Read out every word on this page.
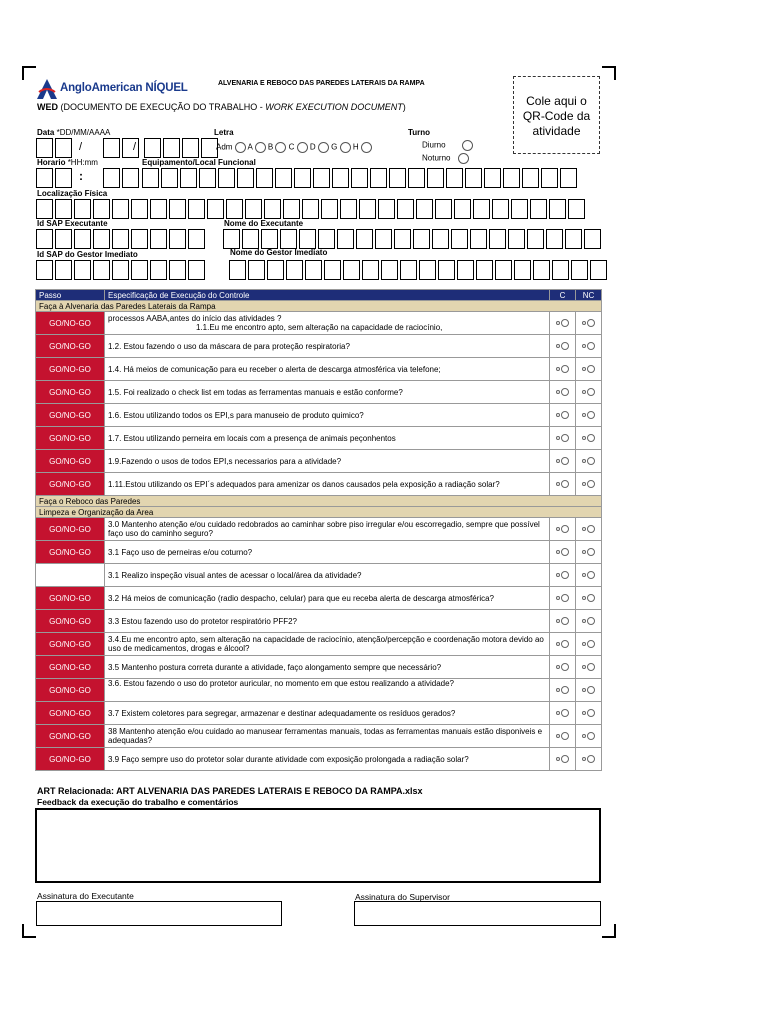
AngloAmerican NÍQUEL	ALVENARIA E REBOCO DAS PAREDES LATERAIS DA RAMPA
WED (DOCUMENTO DE EXECUÇÃO DO TRABALHO - WORK EXECUTION DOCUMENT)	Cole aqui o QR-Code da atividade
Data *DD/MM/AAAA
/	/
Letra
Adm A B C D G H
Turno
Diurno
Noturno
Horario *HH:mm
:
Equipamento/Local Funcional
Localização Física
Id SAP Executante	Nome do Executante
Id SAP do Gestor Imediato	Nome do Gestor Imediato
Passo	Especificação de Execução do Controle	C	NC
Faça à Alvenaria das Paredes Laterais da Rampa			
GO/NO-GO	processos AABA,antes do início das atividades ?
1.1.Eu me encontro apto, sem alteração na capacidade de raciocínio,		

GO/NO-GO	1.2. Estou fazendo o uso da máscara de para proteção respiratoria?		
GO/NO-GO	1.4. Há meios de comunicação para eu receber o alerta de descarga atmosférica via telefone;		
GO/NO-GO	1.5. Foi realizado o check list em todas as ferramentas manuais e estão conforme?		
GO/NO-GO	1.6. Estou utilizando todos os EPI,s para manuseio de produto quimico?		
GO/NO-GO	1.7. Estou utilizando perneira em locais com a presença de animais peçonhentos		
GO/NO-GO	1.9.Fazendo o usos de todos EPI,s necessarios para a atividade?		
GO/NO-GO	1.11.Estou utilizando os EPI´s adequados para amenizar os danos causados pela exposição a radiação solar?		
Faça o Reboco das Paredes			
Limpeza e Organização da Area			
GO/NO-GO	3.0 Mantenho atenção e/ou cuidado redobrados ao caminhar sobre piso irregular e/ou escorregadio, sempre que possível faço uso do caminho seguro?		
GO/NO-GO	3.1 Faço uso de perneiras e/ou coturno?		
	3.1 Realizo inspeção visual antes de acessar o local/área da atividade?		
GO/NO-GO	3.2 Há meios de comunicação (radio despacho, celular) para que eu receba alerta de descarga atmosférica?		
GO/NO-GO	3.3 Estou fazendo uso do protetor respiratório PFF2?		
GO/NO-GO	3.4.Eu me encontro apto, sem alteração na capacidade de raciocínio, atenção/percepção e coordenação motora devido ao uso de medicamentos, drogas e álcool?		
GO/NO-GO	3.5 Mantenho postura correta durante a atividade, faço alongamento sempre que necessário?		
GO/NO-GO	3.6. Estou fazendo o uso do protetor auricular, no momento em que estou realizando a atividade?		
GO/NO-GO	3.7 Existem coletores para segregar, armazenar e destinar adequadamente os resíduos gerados?		
GO/NO-GO	38 Mantenho atenção e/ou cuidado ao manusear ferramentas manuais, todas as ferramentas manuais estão disponiveis e adequadas?		
GO/NO-GO	3.9 Faço sempre uso do protetor solar durante atividade com exposição prolongada a radiação solar?		
ART Relacionada: ART ALVENARIA DAS PAREDES LATERAIS E REBOCO DA RAMPA.xlsx
Feedback da execução do trabalho e comentários
Assinatura do Executante	Assinatura do Supervisor
